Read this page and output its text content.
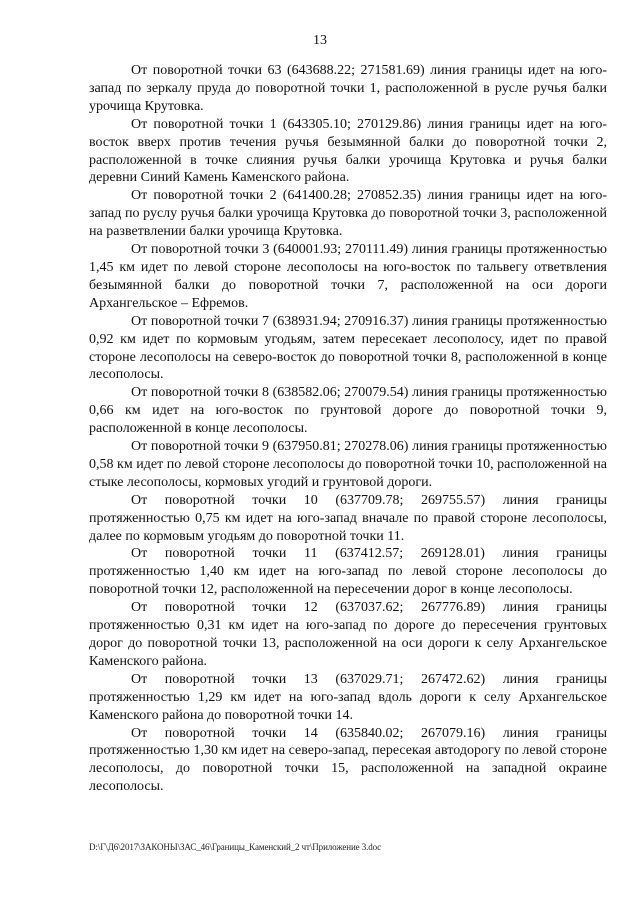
13

От поворотной точки 63 (643688.22; 271581.69) линия границы идет на юго-запад по зеркалу пруда до поворотной точки 1, расположенной в русле ручья балки урочища Крутовка.

От поворотной точки 1 (643305.10; 270129.86) линия границы идет на юго-восток вверх против течения ручья безымянной балки до поворотной точки 2, расположенной в точке слияния ручья балки урочища Крутовка и ручья балки деревни Синий Камень Каменского района.

От поворотной точки 2 (641400.28; 270852.35) линия границы идет на юго-запад по руслу ручья балки урочища Крутовка до поворотной точки 3, расположенной на разветвлении балки урочища Крутовка.

От поворотной точки 3 (640001.93; 270111.49) линия границы протяженностью 1,45 км идет по левой стороне лесополосы на юго-восток по тальвегу ответвления безымянной балки до поворотной точки 7, расположенной на оси дороги Архангельское – Ефремов.

От поворотной точки 7 (638931.94; 270916.37) линия границы протяженностью 0,92 км идет по кормовым угодьям, затем пересекает лесополосу, идет по правой стороне лесополосы на северо-восток до поворотной точки 8, расположенной в конце лесополосы.

От поворотной точки 8 (638582.06; 270079.54) линия границы протяженностью 0,66 км идет на юго-восток по грунтовой дороге до поворотной точки 9, расположенной в конце лесополосы.

От поворотной точки 9 (637950.81; 270278.06) линия границы протяженностью 0,58 км идет по левой стороне лесополосы до поворотной точки 10, расположенной на стыке лесополосы, кормовых угодий и грунтовой дороги.

От поворотной точки 10 (637709.78; 269755.57) линия границы протяженностью 0,75 км идет на юго-запад вначале по правой стороне лесополосы, далее по кормовым угодьям до поворотной точки 11.

От поворотной точки 11 (637412.57; 269128.01) линия границы протяженностью 1,40 км идет на юго-запад по левой стороне лесополосы до поворотной точки 12, расположенной на пересечении дорог в конце лесополосы.

От поворотной точки 12 (637037.62; 267776.89) линия границы протяженностью 0,31 км идет на юго-запад по дороге до пересечения грунтовых дорог до поворотной точки 13, расположенной на оси дороги к селу Архангельское Каменского района.

От поворотной точки 13 (637029.71; 267472.62) линия границы протяженностью 1,29 км идет на юго-запад вдоль дороги к селу Архангельское Каменского района до поворотной точки 14.

От поворотной точки 14 (635840.02; 267079.16) линия границы протяженностью 1,30 км идет на северо-запад, пересекая автодорогу по левой стороне лесополосы, до поворотной точки 15, расположенной на западной окраине лесополосы.

D:\Г\Д6\2017\ЗАКОНЫ\ЗАС_46\Границы_Каменский_2 чт\Приложение 3.doc
